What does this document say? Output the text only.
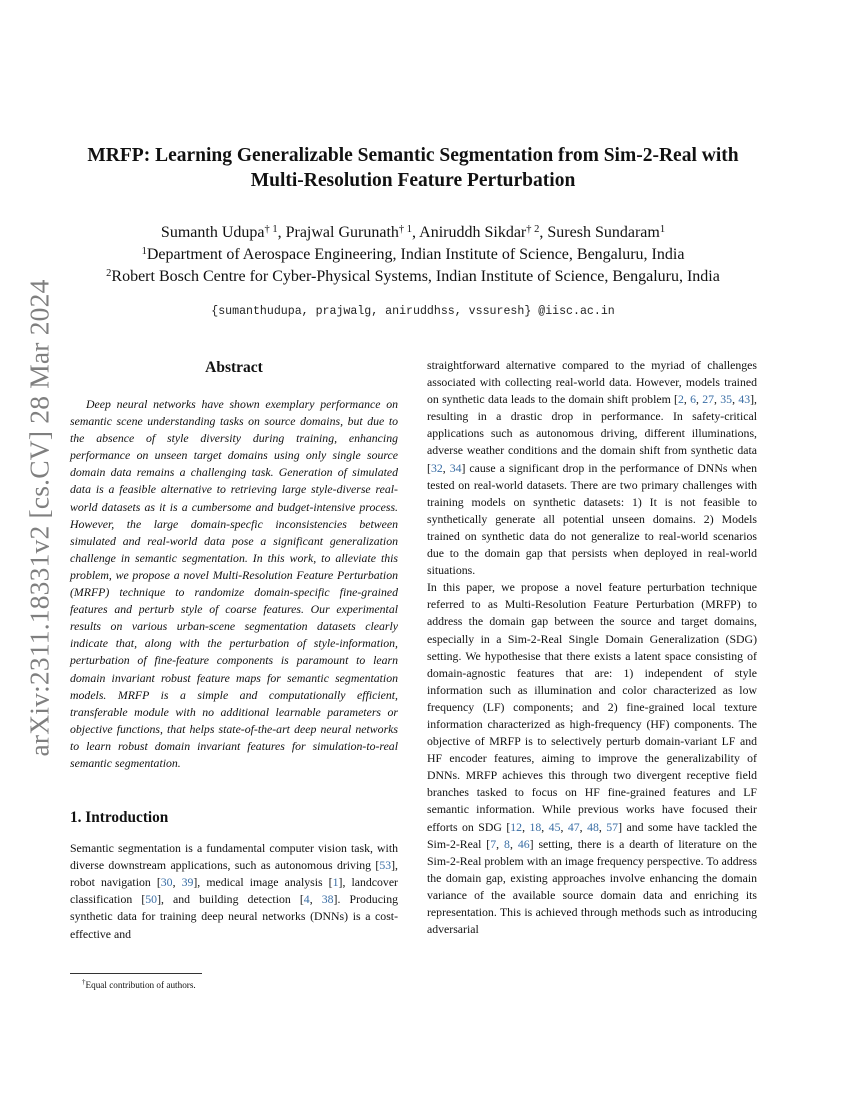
arXiv:2311.18331v2 [cs.CV] 28 Mar 2024
MRFP: Learning Generalizable Semantic Segmentation from Sim-2-Real with
Multi-Resolution Feature Perturbation
Sumanth Udupa$^{\dagger 1}$, Prajwal Gurunath$^{\dagger 1}$, Aniruddh Sikdar$^{\dagger 2}$, Suresh Sundaram$^1$
$^1$Department of Aerospace Engineering, Indian Institute of Science, Bengaluru, India
$^2$Robert Bosch Centre for Cyber-Physical Systems, Indian Institute of Science, Bengaluru, India
{sumanthudupa, prajwalg, aniruddhss, vssuresh} @iisc.ac.in
Abstract
Deep neural networks have shown exemplary performance on semantic scene understanding tasks on source domains, but due to the absence of style diversity during training, enhancing performance on unseen target domains using only single source domain data remains a challenging task. Generation of simulated data is a feasible alternative to retrieving large style-diverse real-world datasets as it is a cumbersome and budget-intensive process. However, the large domain-specfic inconsistencies between simulated and real-world data pose a significant generalization challenge in semantic segmentation. In this work, to alleviate this problem, we propose a novel Multi-Resolution Feature Perturbation (MRFP) technique to randomize domain-specific fine-grained features and perturb style of coarse features. Our experimental results on various urban-scene segmentation datasets clearly indicate that, along with the perturbation of style-information, perturbation of fine-feature components is paramount to learn domain invariant robust feature maps for semantic segmentation models. MRFP is a simple and computationally efficient, transferable module with no additional learnable parameters or objective functions, that helps state-of-the-art deep neural networks to learn robust domain invariant features for simulation-to-real semantic segmentation.
1. Introduction

Semantic segmentation is a fundamental computer vision task, with diverse downstream applications, such as autonomous driving [53], robot navigation [30, 39], medical image analysis [1], landcover classification [50], and building detection [4, 38]. Producing synthetic data for training deep neural networks (DNNs) is a cost-effective and

straightforward alternative compared to the myriad of challenges associated with collecting real-world data. However, models trained on synthetic data leads to the domain shift problem [2, 6, 27, 35, 43], resulting in a drastic drop in performance. In safety-critical applications such as autonomous driving, different illuminations, adverse weather conditions and the domain shift from synthetic data [32, 34] cause a significant drop in the performance of DNNs when tested on real-world datasets. There are two primary challenges with training models on synthetic datasets: 1) It is not feasible to synthetically generate all potential unseen domains. 2) Models trained on synthetic data do not generalize to real-world scenarios due to the domain gap that persists when deployed in real-world situations.

In this paper, we propose a novel feature perturbation technique referred to as Multi-Resolution Feature Perturbation (MRFP) to address the domain gap between the source and target domains, especially in a Sim-2-Real Single Domain Generalization (SDG) setting. We hypothesise that there exists a latent space consisting of domain-agnostic features that are: 1) independent of style information such as illumination and color characterized as low frequency (LF) components; and 2) fine-grained local texture information characterized as high-frequency (HF) components. The objective of MRFP is to selectively perturb domain-variant LF and HF encoder features, aiming to improve the generalizability of DNNs. MRFP achieves this through two divergent receptive field branches tasked to focus on HF fine-grained features and LF semantic information. While previous works have focused their efforts on SDG [12, 18, 45, 47, 48, 57] and some have tackled the Sim-2-Real [7, 8, 46] setting, there is a dearth of literature on the Sim-2-Real problem with an image frequency perspective. To address the domain gap, existing approaches involve enhancing the domain variance of the available source domain data and enriching its representation. This is achieved through methods such as introducing adversarial

†Equal contribution of authors.
